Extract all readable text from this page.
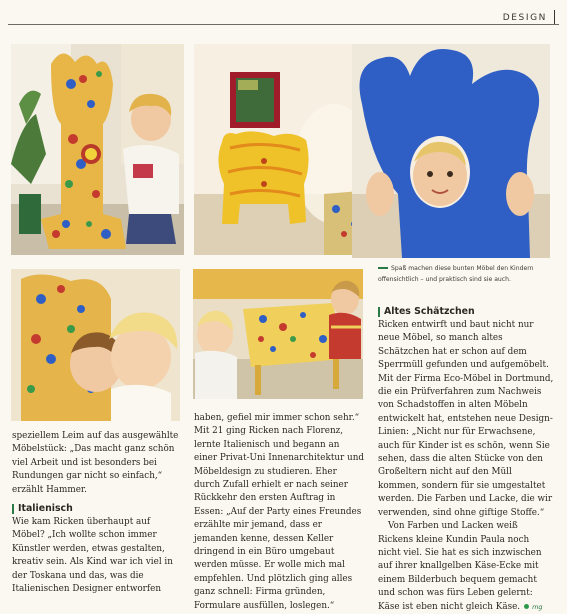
DESIGN
Spaß machen diese bunten Möbel den Kindern offensichtlich – und praktisch sind sie auch.

speziellem Leim auf das ausgewählte Möbelstück: „Das macht ganz schön viel Arbeit und ist besonders bei Rundungen gar nicht so einfach,“ erzählt Hammer.

Italienisch

Wie kam Ricken überhaupt auf Möbel? „Ich wollte schon immer Künstler werden, etwas gestalten, kreativ sein. Als Kind war ich viel in der Toskana und das, was die Italienischen Designer entworfen

haben, gefiel mir immer schon sehr.“ Mit 21 ging Ricken nach Florenz, lernte Italienisch und begann an einer Privat-Uni Innenarchitektur und Möbeldesign zu studieren. Eher durch Zufall erhielt er nach seiner Rückkehr den ersten Auftrag in Essen: „Auf der Party eines Freundes erzählte mir jemand, dass er jemanden kenne, dessen Keller dringend in ein Büro umgebaut werden müsse. Er wolle mich mal empfehlen. Und plötzlich ging alles ganz schnell: Firma gründen, Formulare ausfüllen, loslegen.“

Altes Schätzchen

Ricken entwirft und baut nicht nur neue Möbel, so manch altes Schätzchen hat er schon auf dem Sperrmüll gefunden und aufgemöbelt. Mit der Firma Eco-Möbel in Dortmund, die ein Prüfverfahren zum Nachweis von Schadstoffen in alten Möbeln entwickelt hat, entstehen neue Design-Linien: „Nicht nur für Erwachsene, auch für Kinder ist es schön, wenn Sie sehen, dass die alten Stücke von den Großeltern nicht auf den Müll kommen, sondern für sie umgestaltet werden. Die Farben und Lacke, die wir verwenden, sind ohne giftige Stoffe.“

Von Farben und Lacken weiß Rickens kleine Kundin Paula noch nicht viel. Sie hat es sich inzwischen auf ihrer knallgelben Käse-Ecke mit einem Bilderbuch bequem gemacht und schon was fürs Leben gelernt: Käse ist eben nicht gleich Käse. mg
